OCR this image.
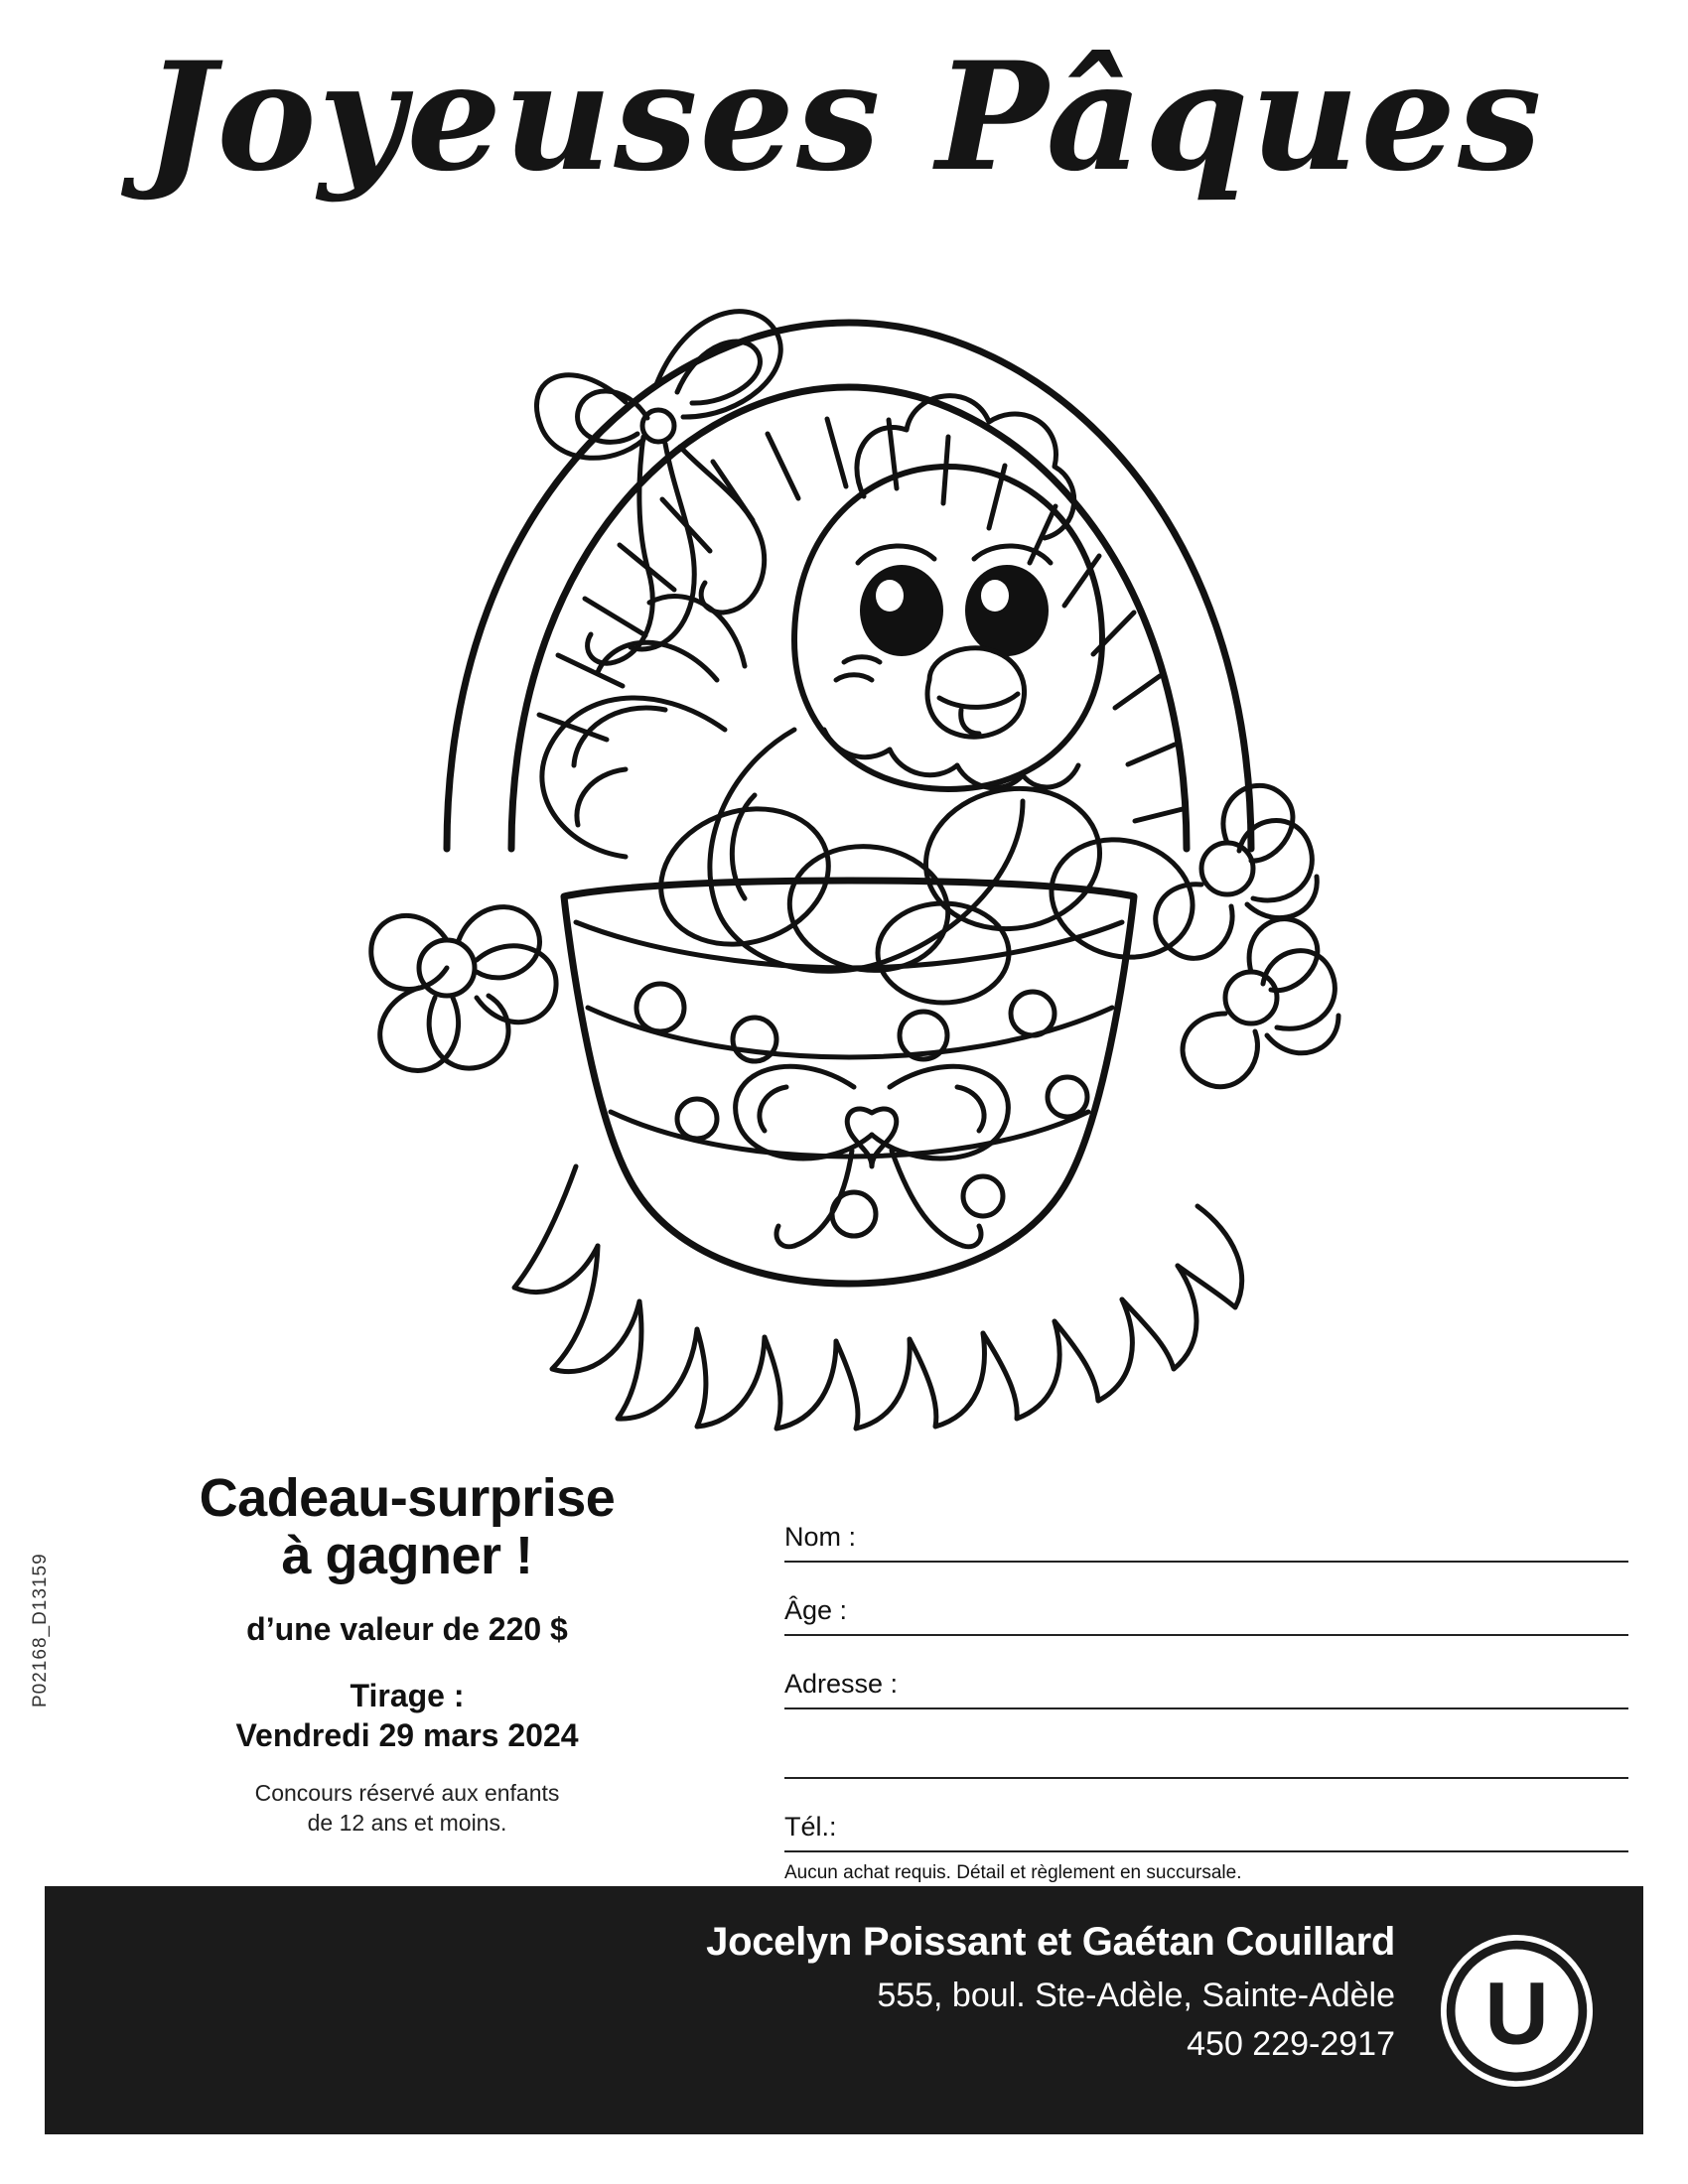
Joyeuses Pâques
Cadeau-surprise
à gagner !
d’une valeur de 220 $
Tirage :
Vendredi 29 mars 2024
Concours réservé aux enfants
de 12 ans et moins.
P02168_D13159
Nom :
Âge :
Adresse :
Tél.:
Aucun achat requis. Détail et règlement en succursale.
Jocelyn Poissant et Gaétan Couillard
555, boul. Ste-Adèle, Sainte-Adèle
450 229-2917 U
